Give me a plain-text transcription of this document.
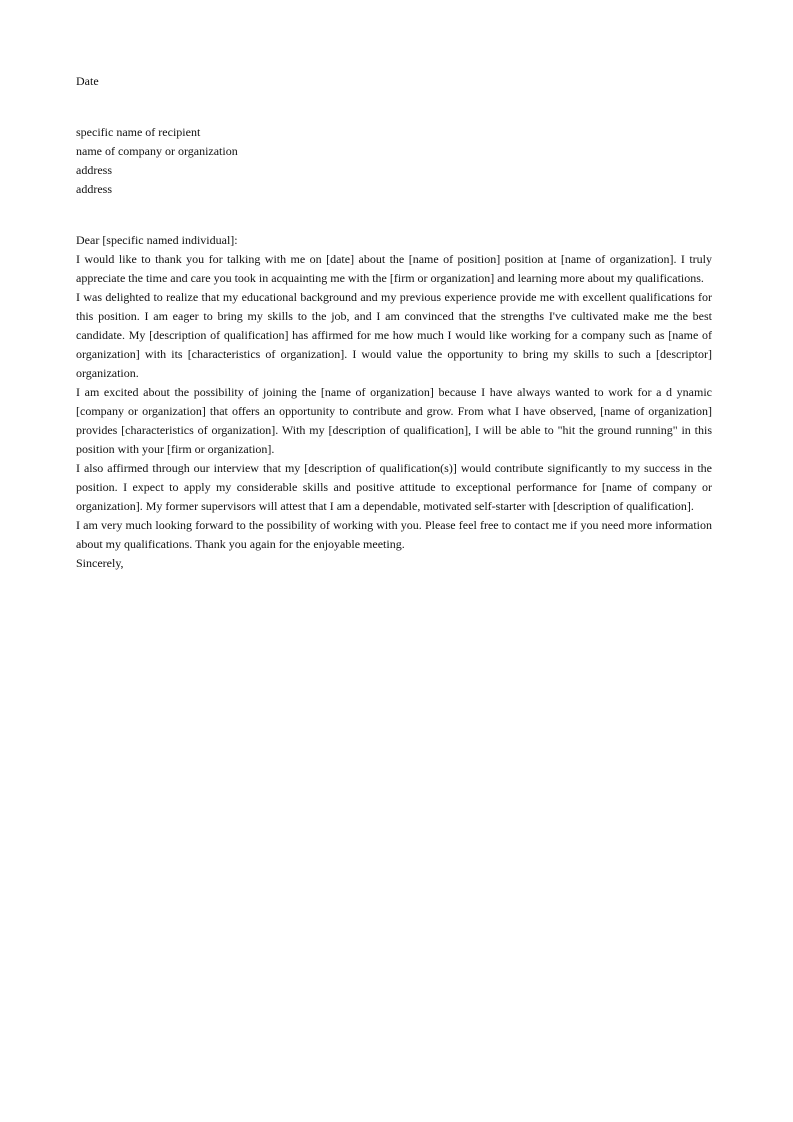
Date
specific name of recipient
name of company or organization
address
address
Dear [specific named individual]:

I would like to thank you for talking with me on [date] about the [name of position] position at [name of organization]. I truly appreciate the time and care you took in acquainting me with the [firm or organization] and learning more about my qualifications.

I was delighted to realize that my educational background and my previous experience provide me with excellent qualifications for this position. I am eager to bring my skills to the job, and I am convinced that the strengths I've cultivated make me the best candidate. My [description of qualification] has affirmed for me how much I would like working for a company such as [name of organization] with its [characteristics of organization]. I would value the opportunity to bring my skills to such a [descriptor] organization.

I am excited about the possibility of joining the [name of organization] because I have always wanted to work for a d ynamic [company or organization] that offers an opportunity to contribute and grow. From what I have observed, [name of organization] provides [characteristics of organization]. With my [description of qualification], I will be able to "hit the ground running" in this position with your [firm or organization].

I also affirmed through our interview that my [description of qualification(s)] would contribute significantly to my success in the position. I expect to apply my considerable skills and positive attitude to exceptional performance for [name of company or organization]. My former supervisors will attest that I am a dependable, motivated self-starter with [description of qualification].

I am very much looking forward to the possibility of working with you. Please feel free to contact me if you need more information about my qualifications. Thank you again for the enjoyable meeting.

Sincerely,
